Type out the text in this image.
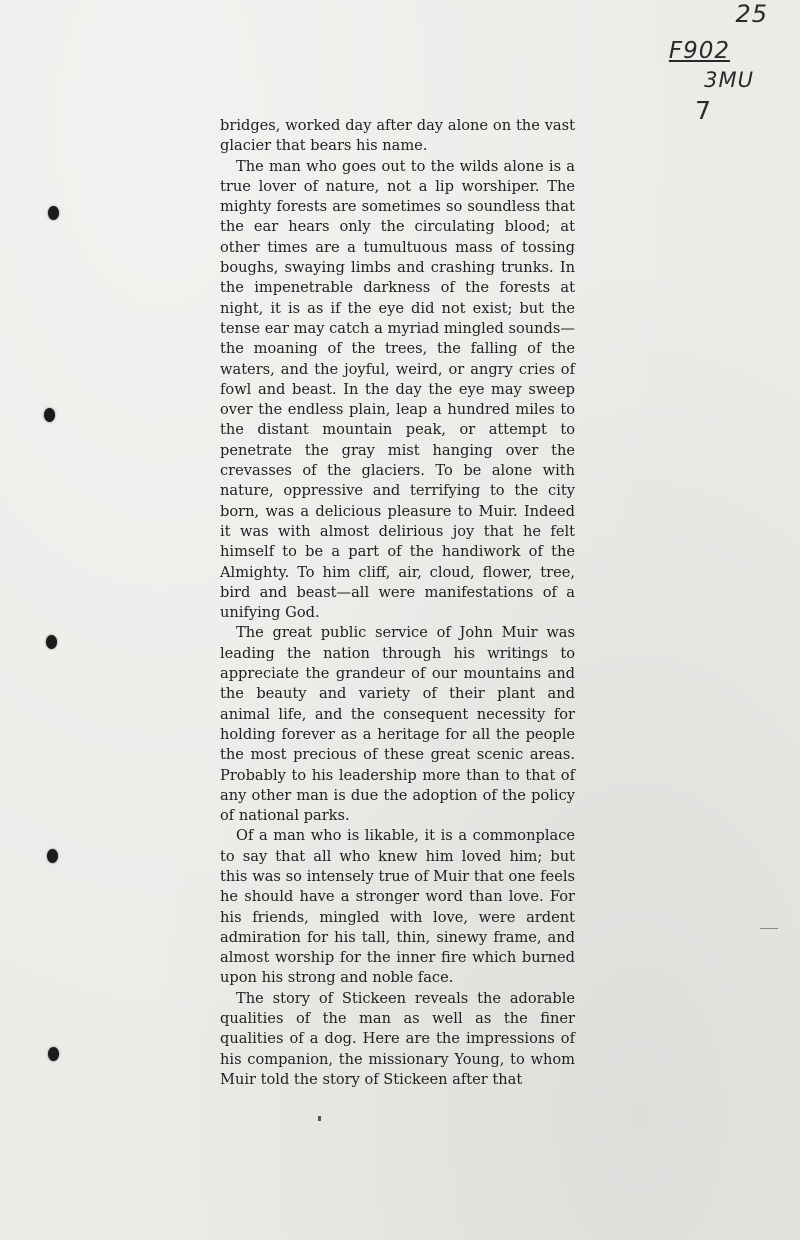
25
F902
3MU
7

bridges, worked day after day alone on the vast glacier that bears his name.

The man who goes out to the wilds alone is a true lover of nature, not a lip worshiper. The mighty forests are sometimes so soundless that the ear hears only the circulating blood; at other times are a tumultuous mass of tossing boughs, swaying limbs and crashing trunks. In the impenetrable darkness of the forests at night, it is as if the eye did not exist; but the tense ear may catch a myriad mingled sounds—the moaning of the trees, the falling of the waters, and the joyful, weird, or angry cries of fowl and beast. In the day the eye may sweep over the endless plain, leap a hundred miles to the distant mountain peak, or attempt to penetrate the gray mist hanging over the crevasses of the glaciers. To be alone with nature, oppressive and terrifying to the city born, was a delicious pleasure to Muir. Indeed it was with almost delirious joy that he felt himself to be a part of the handiwork of the Almighty. To him cliff, air, cloud, flower, tree, bird and beast—all were manifestations of a unifying God.

The great public service of John Muir was leading the nation through his writings to appreciate the grandeur of our mountains and the beauty and variety of their plant and animal life, and the consequent necessity for holding forever as a heritage for all the people the most precious of these great scenic areas. Probably to his leadership more than to that of any other man is due the adoption of the policy of national parks.

Of a man who is likable, it is a commonplace to say that all who knew him loved him; but this was so intensely true of Muir that one feels he should have a stronger word than love. For his friends, mingled with love, were ardent admiration for his tall, thin, sinewy frame, and almost worship for the inner fire which burned upon his strong and noble face.

The story of Stickeen reveals the adorable qualities of the man as well as the finer qualities of a dog. Here are the impressions of his companion, the missionary Young, to whom Muir told the story of Stickeen after that
